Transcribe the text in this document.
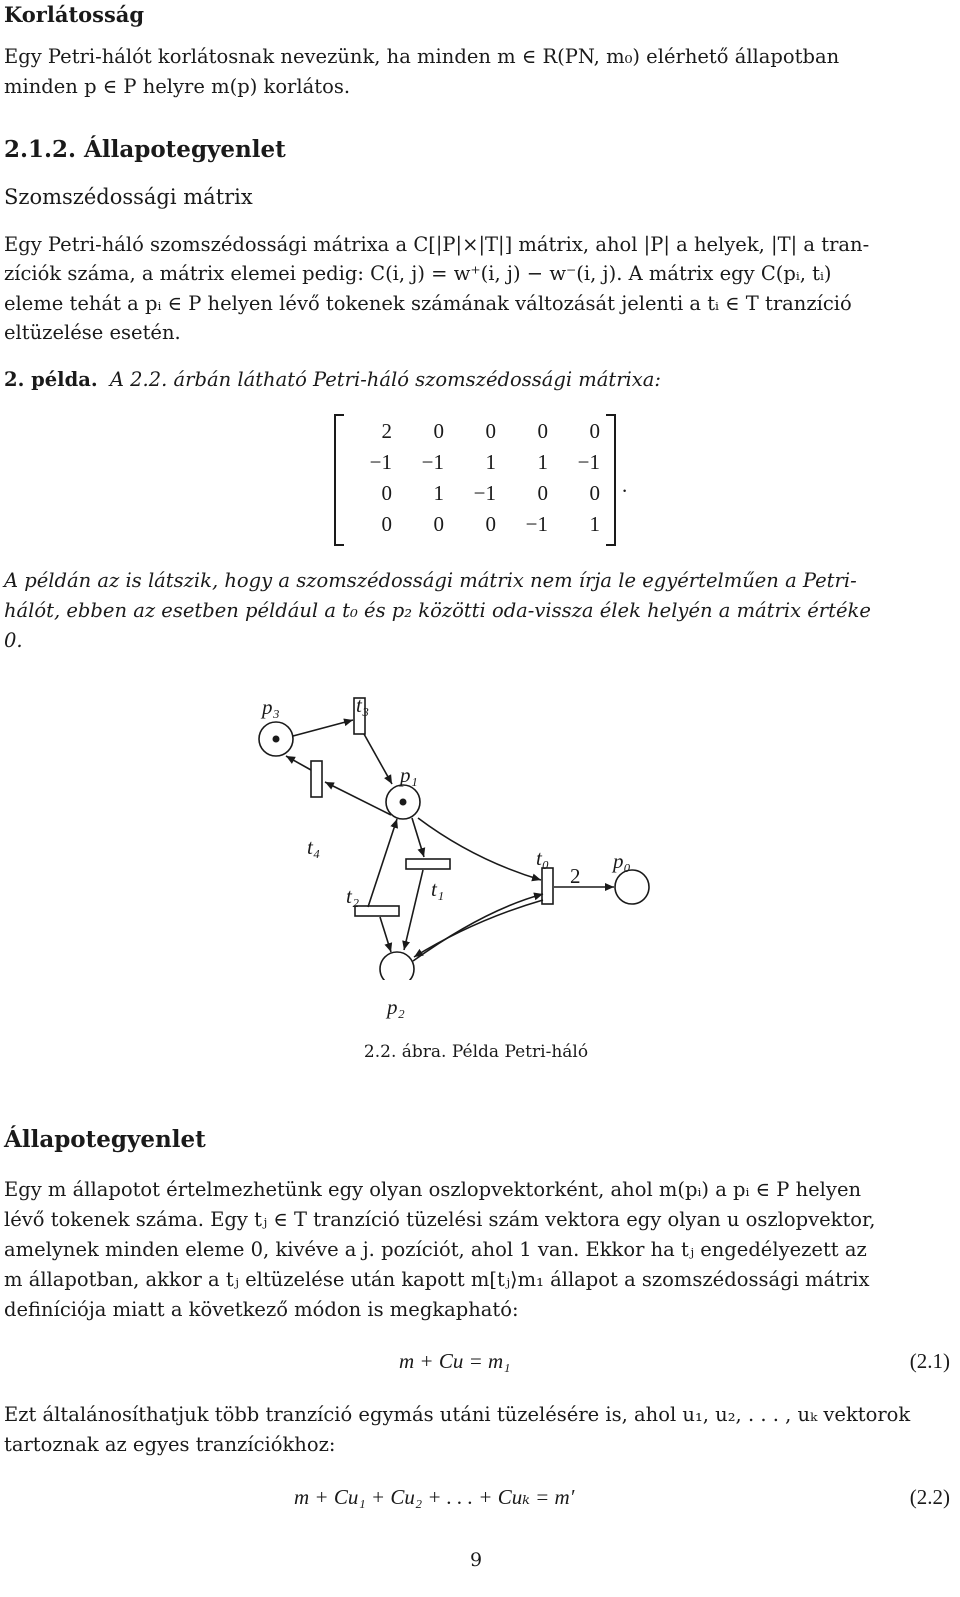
Korlátosság
Egy Petri-hálót korlátosnak nevezünk, ha minden m ∈ R(PN, m₀) elérhető állapotban
minden p ∈ P helyre m(p) korlátos.
2.1.2. Állapotegyenlet
Szomszédossági mátrix
Egy Petri-háló szomszédossági mátrixa a C[|P|×|T|] mátrix, ahol |P| a helyek, |T| a tran-
zíciók száma, a mátrix elemei pedig: C(i, j) = w⁺(i, j) − w⁻(i, j). A mátrix egy C(pᵢ, tᵢ)
eleme tehát a pᵢ ∈ P helyen lévő tokenek számának változását jelenti a tᵢ ∈ T tranzíció
eltüzelése esetén.
2. példa. A 2.2. árbán látható Petri-háló szomszédossági mátrixa:
2	0	0	0	0
−1	−1	1	1	−1
0	1	−1	0	0
0	0	0	−1	1
.
A példán az is látszik, hogy a szomszédossági mátrix nem írja le egyértelműen a Petri-
hálót, ebben az esetben például a t₀ és p₂ közötti oda-vissza élek helyén a mátrix értéke
0.
p₃	t₃
p₁
t₄	t₀	p₀
2
t₁
t₂
p₂
2.2. ábra. Példa Petri-háló
Állapotegyenlet
Egy m állapotot értelmezhetünk egy olyan oszlopvektorként, ahol m(pᵢ) a pᵢ ∈ P helyen
lévő tokenek száma. Egy tⱼ ∈ T tranzíció tüzelési szám vektora egy olyan u oszlopvektor,
amelynek minden eleme 0, kivéve a j. pozíciót, ahol 1 van. Ekkor ha tⱼ engedélyezett az
m állapotban, akkor a tⱼ eltüzelése után kapott m[tⱼ⟩m₁ állapot a szomszédossági mátrix
definíciója miatt a következő módon is megkapható:
m + Cu = m₁	(2.1)
Ezt általánosíthatjuk több tranzíció egymás utáni tüzelésére is, ahol u₁, u₂, . . . , uₖ vektorok
tartoznak az egyes tranzíciókhoz:
m + Cu₁ + Cu₂ + . . . + Cuₖ = m′	(2.2)
9
